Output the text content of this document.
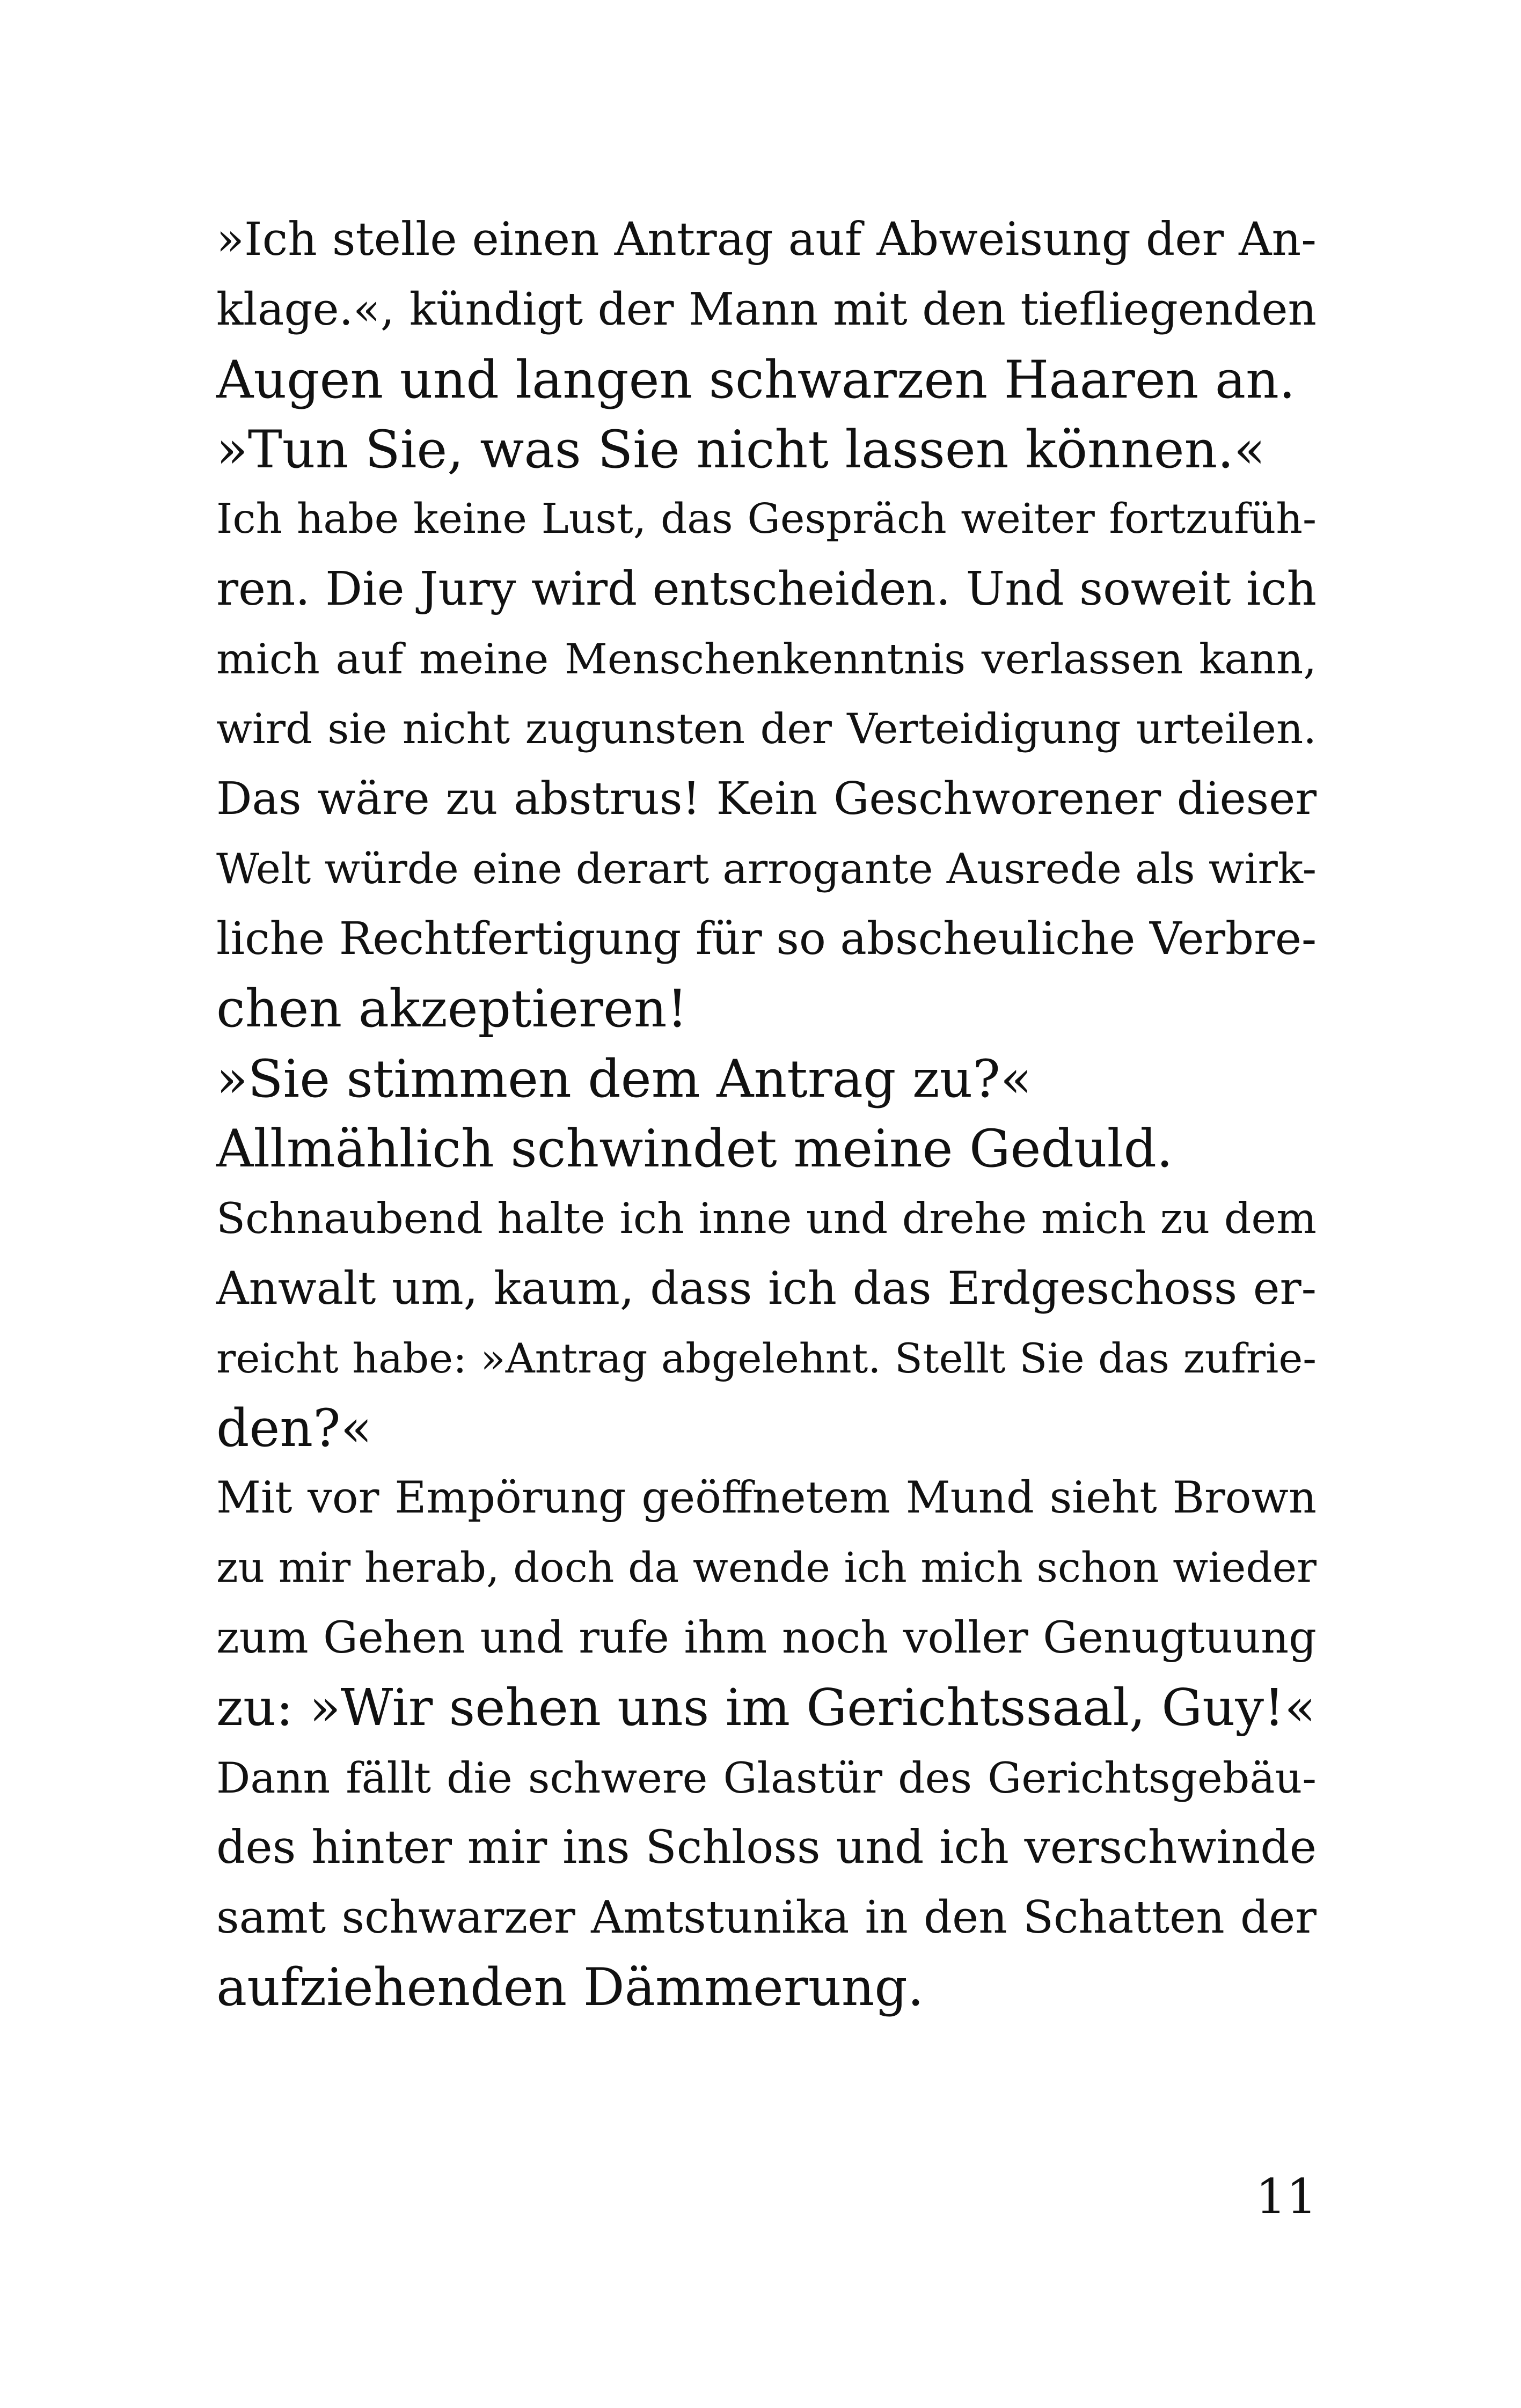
»Ich stelle einen Antrag auf Abweisung der An-
klage.«, kündigt der Mann mit den tiefliegenden
Augen und langen schwarzen Haaren an.
»Tun Sie, was Sie nicht lassen können.«
Ich habe keine Lust, das Gespräch weiter fortzufüh-
ren. Die Jury wird entscheiden. Und soweit ich
mich auf meine Menschenkenntnis verlassen kann,
wird sie nicht zugunsten der Verteidigung urteilen.
Das wäre zu abstrus! Kein Geschworener dieser
Welt würde eine derart arrogante Ausrede als wirk-
liche Rechtfertigung für so abscheuliche Verbre-
chen akzeptieren!
»Sie stimmen dem Antrag zu?«
Allmählich schwindet meine Geduld.
Schnaubend halte ich inne und drehe mich zu dem
Anwalt um, kaum, dass ich das Erdgeschoss er-
reicht habe: »Antrag abgelehnt. Stellt Sie das zufrie-
den?«
Mit vor Empörung geöffnetem Mund sieht Brown
zu mir herab, doch da wende ich mich schon wieder
zum Gehen und rufe ihm noch voller Genugtuung
zu: »Wir sehen uns im Gerichtssaal, Guy!«
Dann fällt die schwere Glastür des Gerichtsgebäu-
des hinter mir ins Schloss und ich verschwinde
samt schwarzer Amtstunika in den Schatten der
aufziehenden Dämmerung.
11
